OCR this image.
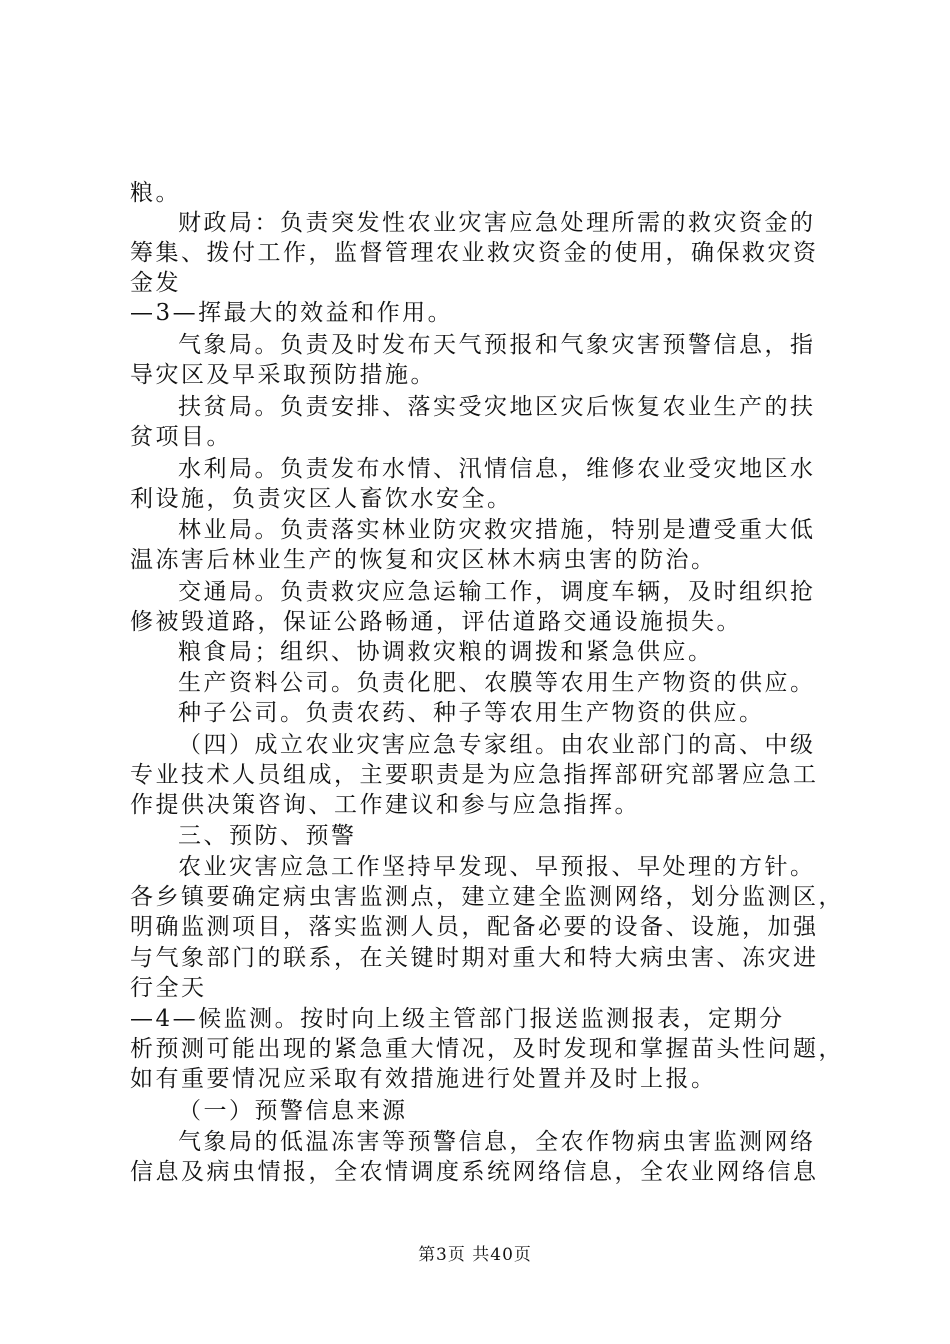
粮。
财政局：负责突发性农业灾害应急处理所需的救灾资金的
筹集、拨付工作，监督管理农业救灾资金的使用，确保救灾资
金发
—3—挥最大的效益和作用。
气象局。负责及时发布天气预报和气象灾害预警信息，指
导灾区及早采取预防措施。
扶贫局。负责安排、落实受灾地区灾后恢复农业生产的扶
贫项目。
水利局。负责发布水情、汛情信息，维修农业受灾地区水
利设施，负责灾区人畜饮水安全。
林业局。负责落实林业防灾救灾措施，特别是遭受重大低
温冻害后林业生产的恢复和灾区林木病虫害的防治。
交通局。负责救灾应急运输工作，调度车辆，及时组织抢
修被毁道路，保证公路畅通，评估道路交通设施损失。
粮食局；组织、协调救灾粮的调拨和紧急供应。
生产资料公司。负责化肥、农膜等农用生产物资的供应。
种子公司。负责农药、种子等农用生产物资的供应。
（四）成立农业灾害应急专家组。由农业部门的高、中级
专业技术人员组成，主要职责是为应急指挥部研究部署应急工
作提供决策咨询、工作建议和参与应急指挥。
三、预防、预警
农业灾害应急工作坚持早发现、早预报、早处理的方针。
各乡镇要确定病虫害监测点，建立建全监测网络，划分监测区，
明确监测项目，落实监测人员，配备必要的设备、设施，加强
与气象部门的联系，在关键时期对重大和特大病虫害、冻灾进
行全天
—4—候监测。按时向上级主管部门报送监测报表，定期分
析预测可能出现的紧急重大情况，及时发现和掌握苗头性问题，
如有重要情况应采取有效措施进行处置并及时上报。
（一）预警信息来源
气象局的低温冻害等预警信息，全农作物病虫害监测网络
信息及病虫情报，全农情调度系统网络信息，全农业网络信息
第3页 共40页
